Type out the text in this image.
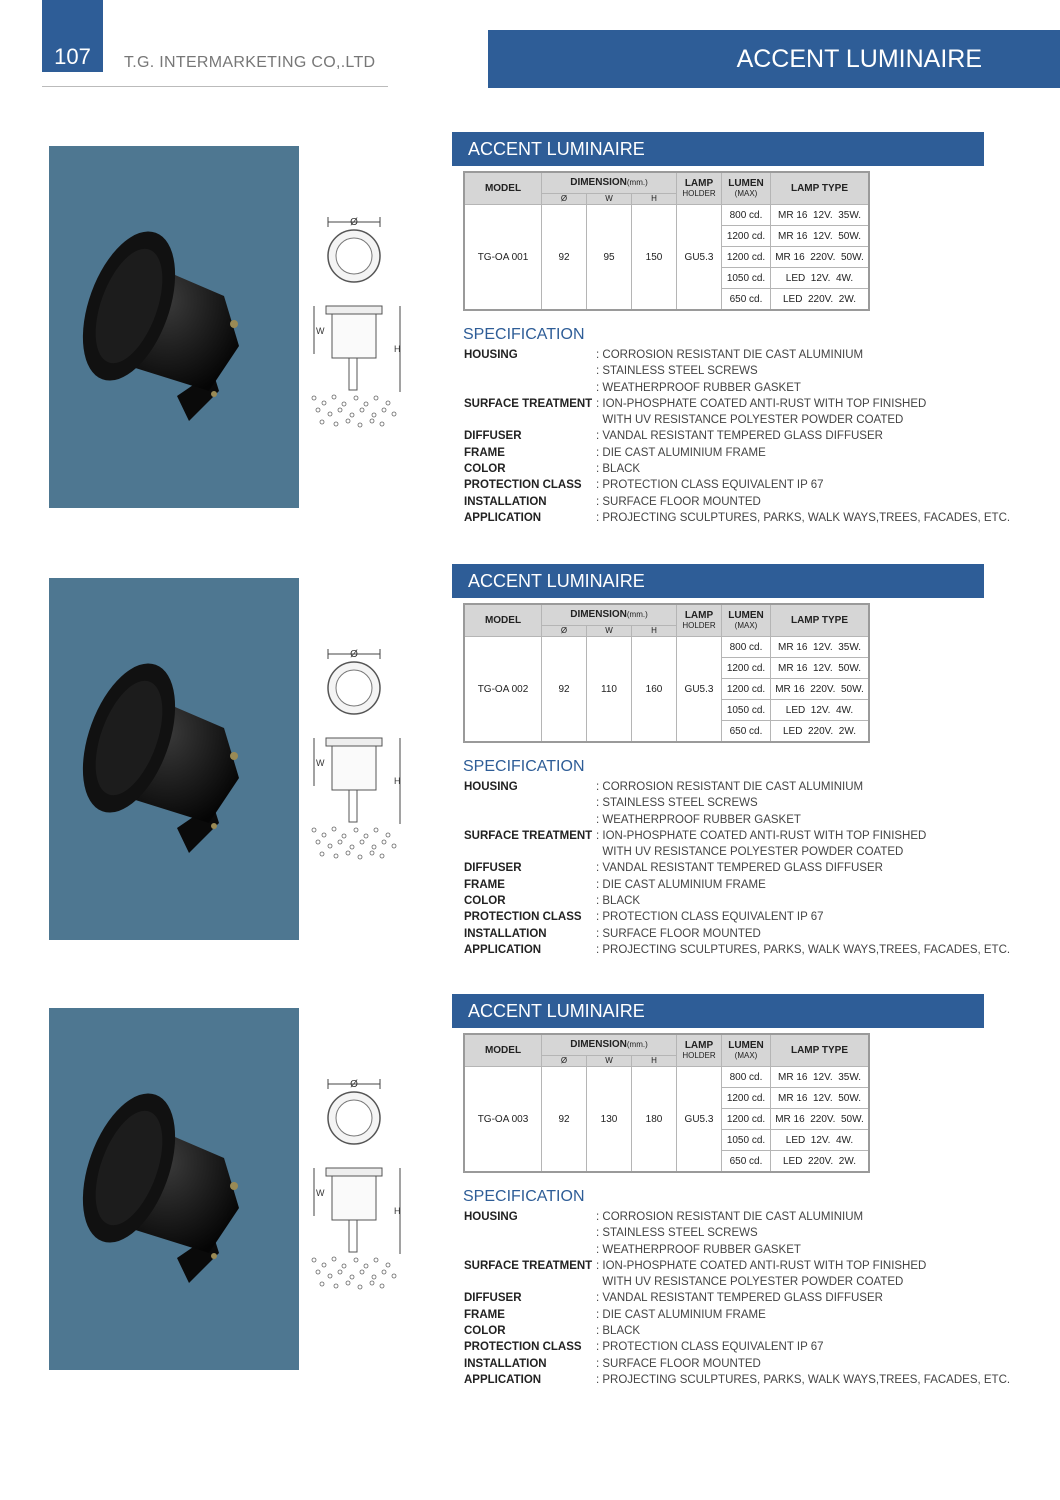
107 T.G. INTERMARKETING CO,.LTD	ACCENT LUMINAIRE
Ø
W
H
ACCENT LUMINAIRE
MODEL	DIMENSION(mm.)			LAMP
HOLDER	LUMEN
(MAX)	LAMP TYPE
	Ø	W	H			
TG-OA 001	92	95	150	GU5.3	800 cd.	MR 16  12V.  35W.
					1200 cd.	MR 16  12V.  50W.
					1200 cd.	MR 16  220V.  50W.
					1050 cd.	LED  12V.  4W.
					650 cd.	LED  220V.  2W.
SPECIFICATION
HOUSING	: CORROSION RESISTANT DIE CAST ALUMINIUM
: STAINLESS STEEL SCREWS
: WEATHERPROOF RUBBER GASKET
SURFACE TREATMENT : ION-PHOSPHATE COATED ANTI-RUST WITH TOP FINISHED
WITH UV RESISTANCE POLYESTER POWDER COATED
DIFFUSER	: VANDAL RESISTANT TEMPERED GLASS DIFFUSER
FRAME	: DIE CAST ALUMINIUM FRAME
COLOR	: BLACK
PROTECTION CLASS	: PROTECTION CLASS EQUIVALENT IP 67
INSTALLATION	: SURFACE FLOOR MOUNTED
APPLICATION	: PROJECTING SCULPTURES, PARKS, WALK WAYS,TREES, FACADES, ETC.
Ø
W
H
ACCENT LUMINAIRE
MODEL	DIMENSION(mm.)			LAMP
HOLDER	LUMEN
(MAX)	LAMP TYPE
	Ø	W	H			
TG-OA 002	92	110	160	GU5.3	800 cd.	MR 16  12V.  35W.
					1200 cd.	MR 16  12V.  50W.
					1200 cd.	MR 16  220V.  50W.
					1050 cd.	LED  12V.  4W.
					650 cd.	LED  220V.  2W.
SPECIFICATION
HOUSING	: CORROSION RESISTANT DIE CAST ALUMINIUM
: STAINLESS STEEL SCREWS
: WEATHERPROOF RUBBER GASKET
SURFACE TREATMENT : ION-PHOSPHATE COATED ANTI-RUST WITH TOP FINISHED
WITH UV RESISTANCE POLYESTER POWDER COATED
DIFFUSER	: VANDAL RESISTANT TEMPERED GLASS DIFFUSER
FRAME	: DIE CAST ALUMINIUM FRAME
COLOR	: BLACK
PROTECTION CLASS	: PROTECTION CLASS EQUIVALENT IP 67
INSTALLATION	: SURFACE FLOOR MOUNTED
APPLICATION	: PROJECTING SCULPTURES, PARKS, WALK WAYS,TREES, FACADES, ETC.
Ø
W
H
ACCENT LUMINAIRE
MODEL	DIMENSION(mm.)			LAMP
HOLDER	LUMEN
(MAX)	LAMP TYPE
	Ø	W	H			
TG-OA 003	92	130	180	GU5.3	800 cd.	MR 16  12V.  35W.
					1200 cd.	MR 16  12V.  50W.
					1200 cd.	MR 16  220V.  50W.
					1050 cd.	LED  12V.  4W.
					650 cd.	LED  220V.  2W.
SPECIFICATION
HOUSING	: CORROSION RESISTANT DIE CAST ALUMINIUM
: STAINLESS STEEL SCREWS
: WEATHERPROOF RUBBER GASKET
SURFACE TREATMENT : ION-PHOSPHATE COATED ANTI-RUST WITH TOP FINISHED
WITH UV RESISTANCE POLYESTER POWDER COATED
DIFFUSER	: VANDAL RESISTANT TEMPERED GLASS DIFFUSER
FRAME	: DIE CAST ALUMINIUM FRAME
COLOR	: BLACK
PROTECTION CLASS	: PROTECTION CLASS EQUIVALENT IP 67
INSTALLATION	: SURFACE FLOOR MOUNTED
APPLICATION	: PROJECTING SCULPTURES, PARKS, WALK WAYS,TREES, FACADES, ETC.
